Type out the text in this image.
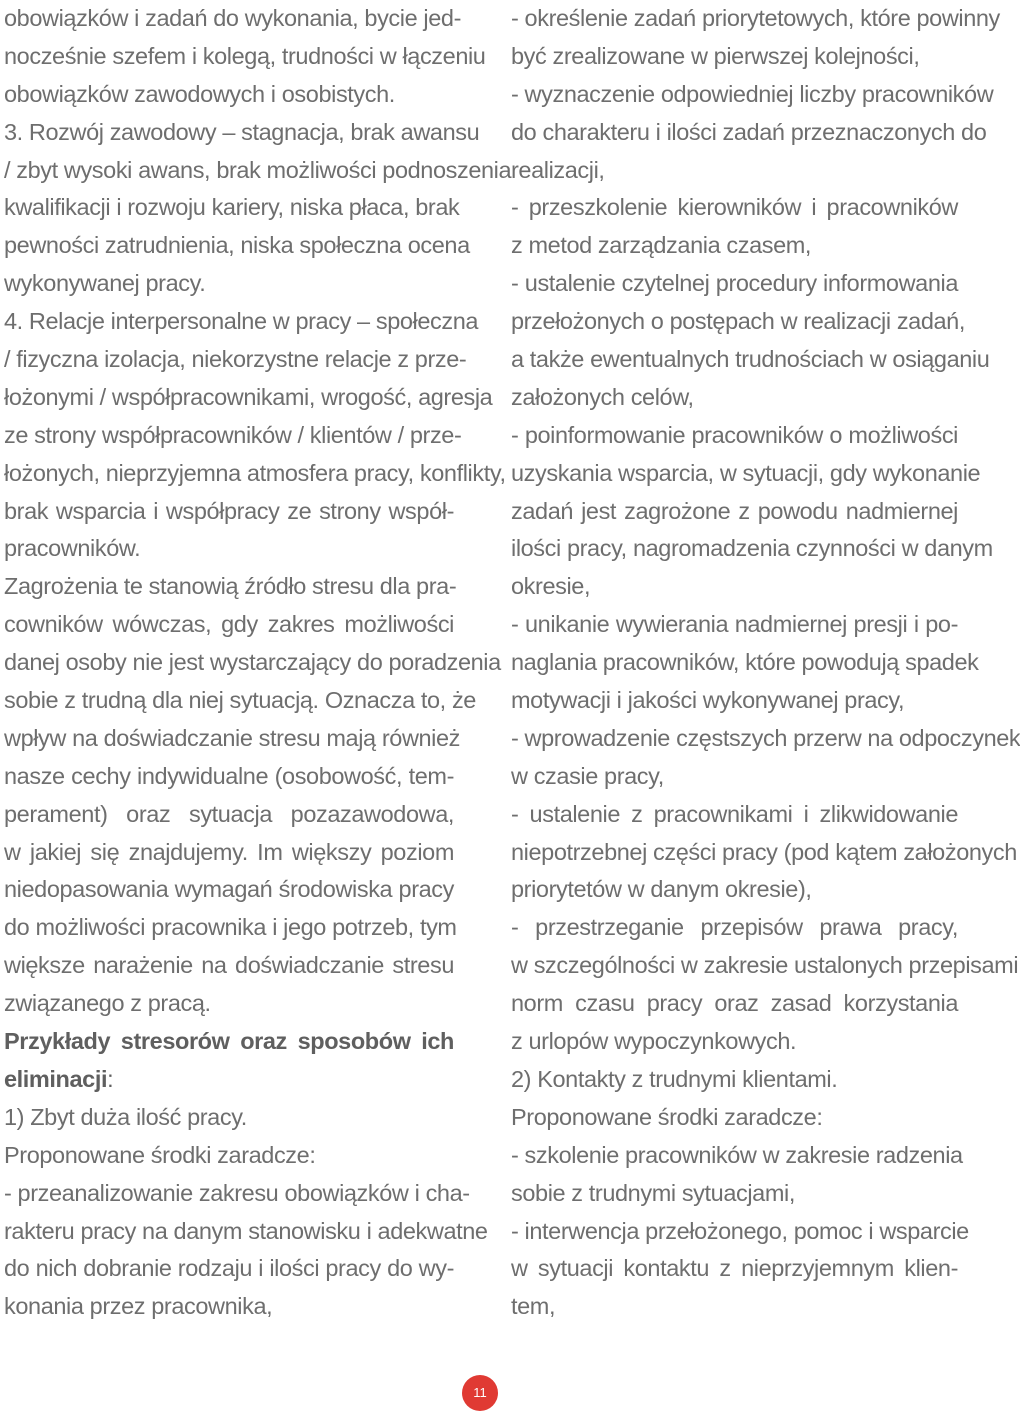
obowiązków i zadań do wykonania, bycie jed-
nocześnie szefem i kolegą, trudności w łączeniu
obowiązków zawodowych i osobistych.
3. Rozwój zawodowy – stagnacja, brak awansu
/ zbyt wysoki awans, brak możliwości podnoszenia
kwalifikacji i rozwoju kariery, niska płaca, brak
pewności zatrudnienia, niska społeczna ocena
wykonywanej pracy.
4. Relacje interpersonalne w pracy – społeczna
/ fizyczna izolacja, niekorzystne relacje z prze-
łożonymi / współpracownikami, wrogość, agresja
ze strony współpracowników / klientów / prze-
łożonych, nieprzyjemna atmosfera pracy, konflikty,
brak wsparcia i współpracy ze strony współ-
pracowników.
Zagrożenia te stanowią źródło stresu dla pra-
cowników wówczas, gdy zakres możliwości
danej osoby nie jest wystarczający do poradzenia
sobie z trudną dla niej sytuacją. Oznacza to, że
wpływ na doświadczanie stresu mają również
nasze cechy indywidualne (osobowość, tem-
perament) oraz sytuacja pozazawodowa,
w jakiej się znajdujemy. Im większy poziom
niedopasowania wymagań środowiska pracy
do możliwości pracownika i jego potrzeb, tym
większe narażenie na doświadczanie stresu
związanego z pracą.
Przykłady stresorów oraz sposobów ich
eliminacji:
1) Zbyt duża ilość pracy.
Proponowane środki zaradcze:
- przeanalizowanie zakresu obowiązków i cha-
rakteru pracy na danym stanowisku i adekwatne
do nich dobranie rodzaju i ilości pracy do wy-
konania przez pracownika,
- określenie zadań priorytetowych, które powinny
być zrealizowane w pierwszej kolejności,
- wyznaczenie odpowiedniej liczby pracowników
do charakteru i ilości zadań przeznaczonych do
realizacji,
- przeszkolenie kierowników i pracowników
z metod zarządzania czasem,
- ustalenie czytelnej procedury informowania
przełożonych o postępach w realizacji zadań,
a także ewentualnych trudnościach w osiąganiu
założonych celów,
- poinformowanie pracowników o możliwości
uzyskania wsparcia, w sytuacji, gdy wykonanie
zadań jest zagrożone z powodu nadmiernej
ilości pracy, nagromadzenia czynności w danym
okresie,
- unikanie wywierania nadmiernej presji i po-
naglania pracowników, które powodują spadek
motywacji i jakości wykonywanej pracy,
- wprowadzenie częstszych przerw na odpoczynek
w czasie pracy,
- ustalenie z pracownikami i zlikwidowanie
niepotrzebnej części pracy (pod kątem założonych
priorytetów w danym okresie),
- przestrzeganie przepisów prawa pracy,
w szczególności w zakresie ustalonych przepisami
norm czasu pracy oraz zasad korzystania
z urlopów wypoczynkowych.
2) Kontakty z trudnymi klientami.
Proponowane środki zaradcze:
- szkolenie pracowników w zakresie radzenia
sobie z trudnymi sytuacjami,
- interwencja przełożonego, pomoc i wsparcie
w sytuacji kontaktu z nieprzyjemnym klien-
tem,
11
